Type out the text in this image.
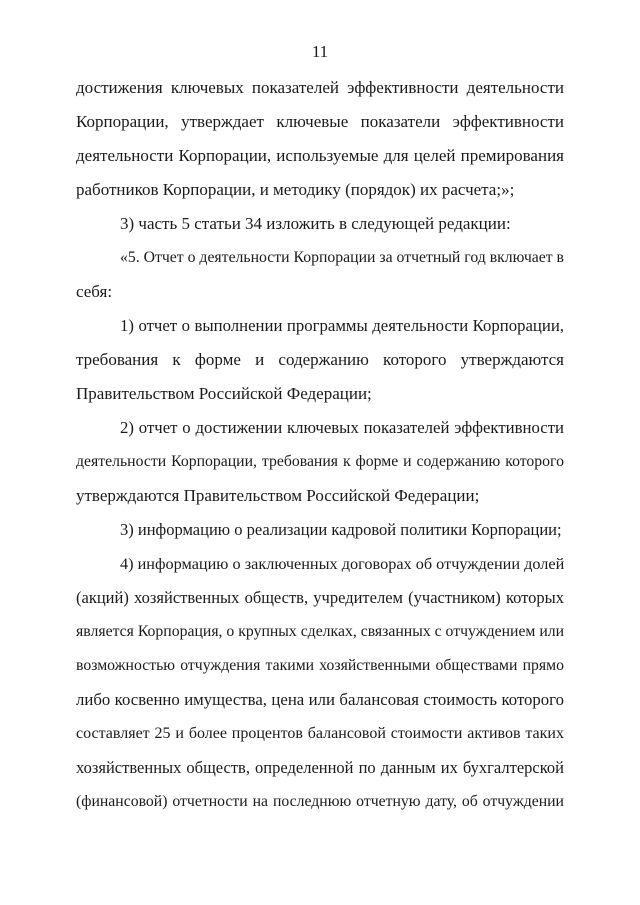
11
достижения ключевых показателей эффективности деятельности
Корпорации, утверждает ключевые показатели эффективности
деятельности Корпорации, используемые для целей премирования
работников Корпорации, и методику (порядок) их расчета;»;
3) часть 5 статьи 34 изложить в следующей редакции:
«5. Отчет о деятельности Корпорации за отчетный год включает в
себя:
1) отчет о выполнении программы деятельности Корпорации,
требования к форме и содержанию которого утверждаются
Правительством Российской Федерации;
2) отчет о достижении ключевых показателей эффективности
деятельности Корпорации, требования к форме и содержанию которого
утверждаются Правительством Российской Федерации;
3) информацию о реализации кадровой политики Корпорации;
4) информацию о заключенных договорах об отчуждении долей
(акций) хозяйственных обществ, учредителем (участником) которых
является Корпорация, о крупных сделках, связанных с отчуждением или
возможностью отчуждения такими хозяйственными обществами прямо
либо косвенно имущества, цена или балансовая стоимость которого
составляет 25 и более процентов балансовой стоимости активов таких
хозяйственных обществ, определенной по данным их бухгалтерской
(финансовой) отчетности на последнюю отчетную дату, об отчуждении
